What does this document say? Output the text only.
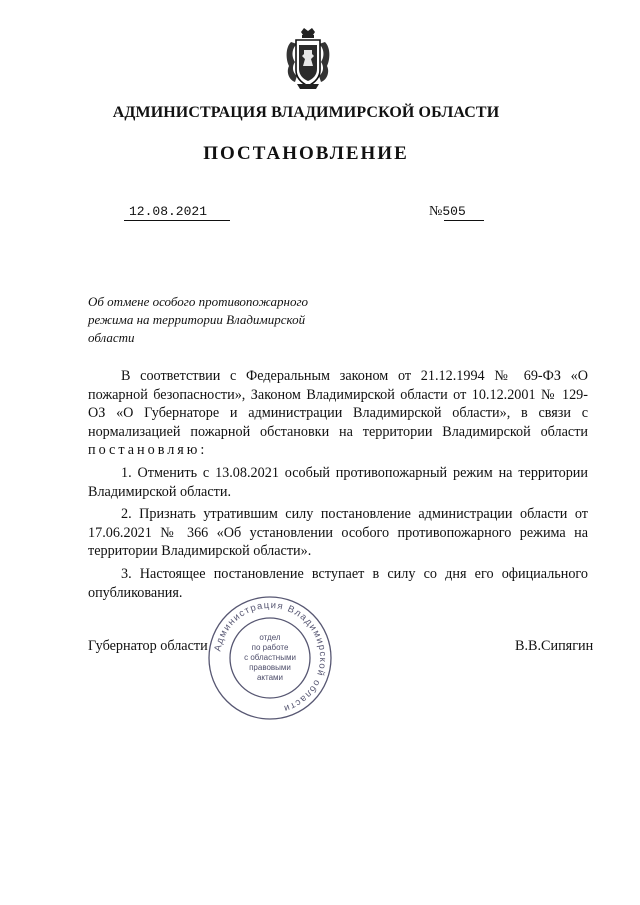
АДМИНИСТРАЦИЯ ВЛАДИМИРСКОЙ ОБЛАСТИ
ПОСТАНОВЛЕНИЕ
12.08.2021	№505
Об отмене особого противопожарного
режима на территории Владимирской
области

В соответствии с Федеральным законом от 21.12.1994 № 69-ФЗ «О пожарной безопасности», Законом Владимирской области от 10.12.2001 № 129-ОЗ «О Губернаторе и администрации Владимирской области», в связи с нормализацией пожарной обстановки на территории Владимирской области постановляю:

1. Отменить с 13.08.2021 особый противопожарный режим на территории Владимирской области.

2. Признать утратившим силу постановление администрации области от 17.06.2021 № 366 «Об установлении особого противопожарного режима на территории Владимирской области».

3. Настоящее постановление вступает в силу со дня его официального опубликования.

Губернатор области	В.В.Сипягин
Администрация Владимирской области
отдел
по работе
с областными
правовыми
актами
